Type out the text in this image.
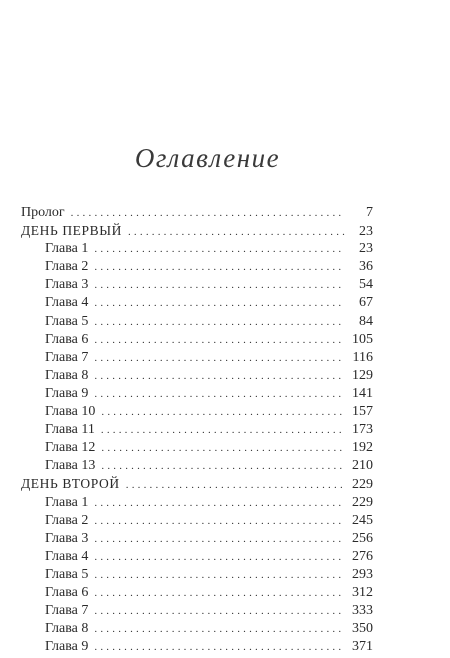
Оглавление
Пролог .....	7
ДЕНЬ ПЕРВЫЙ .....	23
Глава 1 .....	23
Глава 2 .....	36
Глава 3 .....	54
Глава 4 .....	67
Глава 5 .....	84
Глава 6 .....	105
Глава 7 .....	116
Глава 8 .....	129
Глава 9 .....	141
Глава 10 .....	157
Глава 11 .....	173
Глава 12 .....	192
Глава 13 .....	210
ДЕНЬ ВТОРОЙ .....	229
Глава 1 .....	229
Глава 2 .....	245
Глава 3 .....	256
Глава 4 .....	276
Глава 5 .....	293
Глава 6 .....	312
Глава 7 .....	333
Глава 8 .....	350
Глава 9 .....	371
